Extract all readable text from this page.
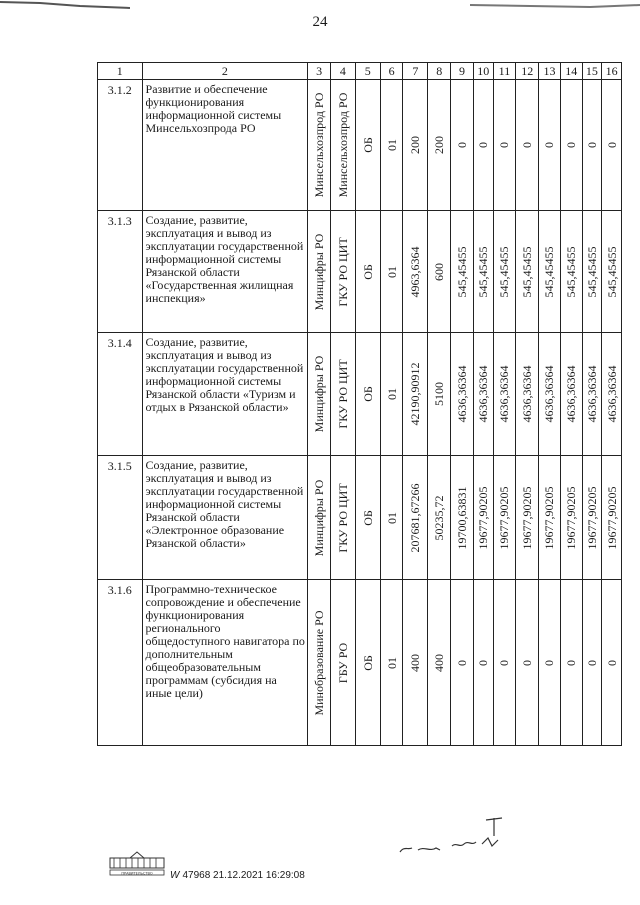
24
1	2	3	4	5	6	7	8	9	10	11	12	13	14	15	16
3.1.2	Развитие и обеспечение функционирования информационной системы Минсельхозпрода РО	Минсельхозпрод РО	Минсельхозпрод РО	ОБ	01	200	200	0	0	0	0	0	0	0	0

3.1.3	Создание, развитие, эксплуатация и вывод из эксплуатации государственной информационной системы Рязанской области «Государственная жилищная инспекция»	Минцифры РО	ГКУ РО ЦИТ	ОБ	01	4963,6364	600	545,45455	545,45455	545,45455	545,45455	545,45455	545,45455	545,45455	545,45455

3.1.4	Создание, развитие, эксплуатация и вывод из эксплуатации государственной информационной системы Рязанской области «Туризм и отдых в Рязанской области»	Минцифры РО	ГКУ РО ЦИТ	ОБ	01	42190,90912	5100	4636,36364	4636,36364	4636,36364	4636,36364	4636,36364	4636,36364	4636,36364	4636,36364

3.1.5	Создание, развитие, эксплуатация и вывод из эксплуатации государственной информационной системы Рязанской области «Электронное образование Рязанской области»	Минцифры РО	ГКУ РО ЦИТ	ОБ	01	207681,67266	50235,72	19700,63831	19677,90205	19677,90205	19677,90205	19677,90205	19677,90205	19677,90205	19677,90205

3.1.6	Программно-техническое сопровождение и обеспечение функционирования регионального общедоступного навигатора по дополнительным общеобразовательным программам (субсидия на иные цели)	Минобразование РО	ГБУ РО	ОБ	01	400	400	0	0	0	0	0	0	0	0
ПРАВИТЕЛЬСТВО W 47968 21.12.2021 16:29:08
